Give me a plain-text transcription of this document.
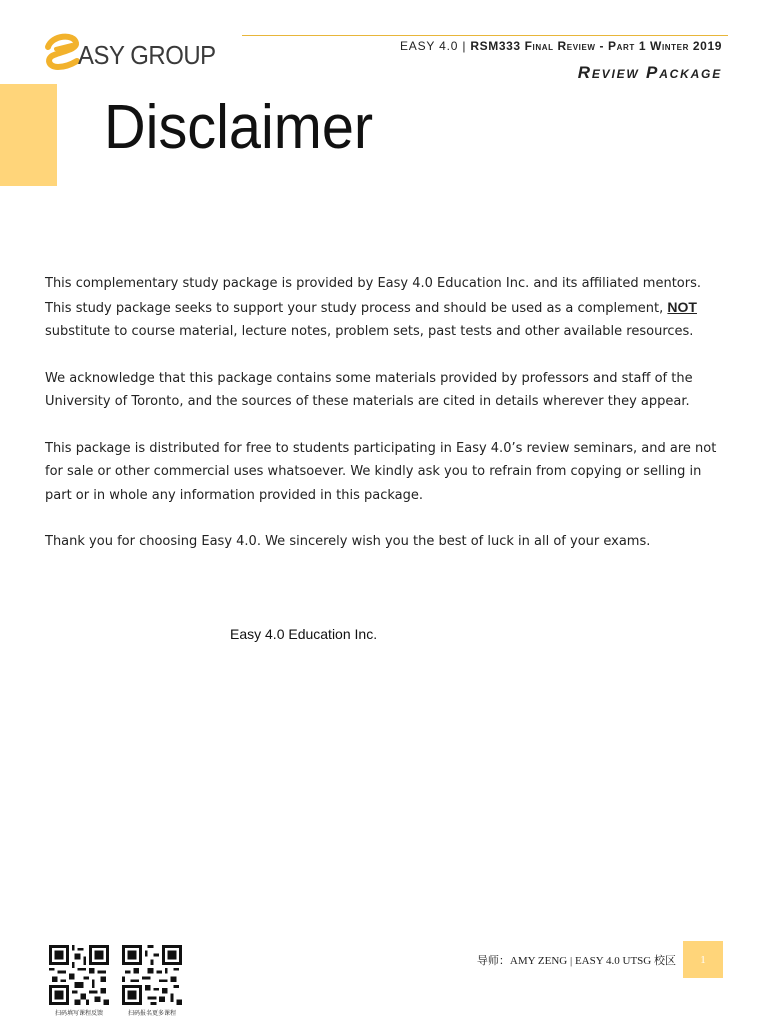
ASY GROUP	EASY 4.0 | RSM333 Final Review - Part 1 Winter 2019
Review Package
Disclaimer

This complementary study package is provided by Easy 4.0 Education Inc. and its affiliated mentors. This study package seeks to support your study process and should be used as a complement, NOT substitute to course material, lecture notes, problem sets, past tests and other available resources.

We acknowledge that this package contains some materials provided by professors and staff of the University of Toronto, and the sources of these materials are cited in details wherever they appear.

This package is distributed for free to students participating in Easy 4.0’s review seminars, and are not for sale or other commercial uses whatsoever. We kindly ask you to refrain from copying or selling in part or in whole any information provided in this package.

Thank you for choosing Easy 4.0. We sincerely wish you the best of luck in all of your exams.

Easy 4.0 Education Inc.
扫码填写课程反馈	扫码报名更多课程
导师：AMY ZENG | EASY 4.0 UTSG 校区	1
